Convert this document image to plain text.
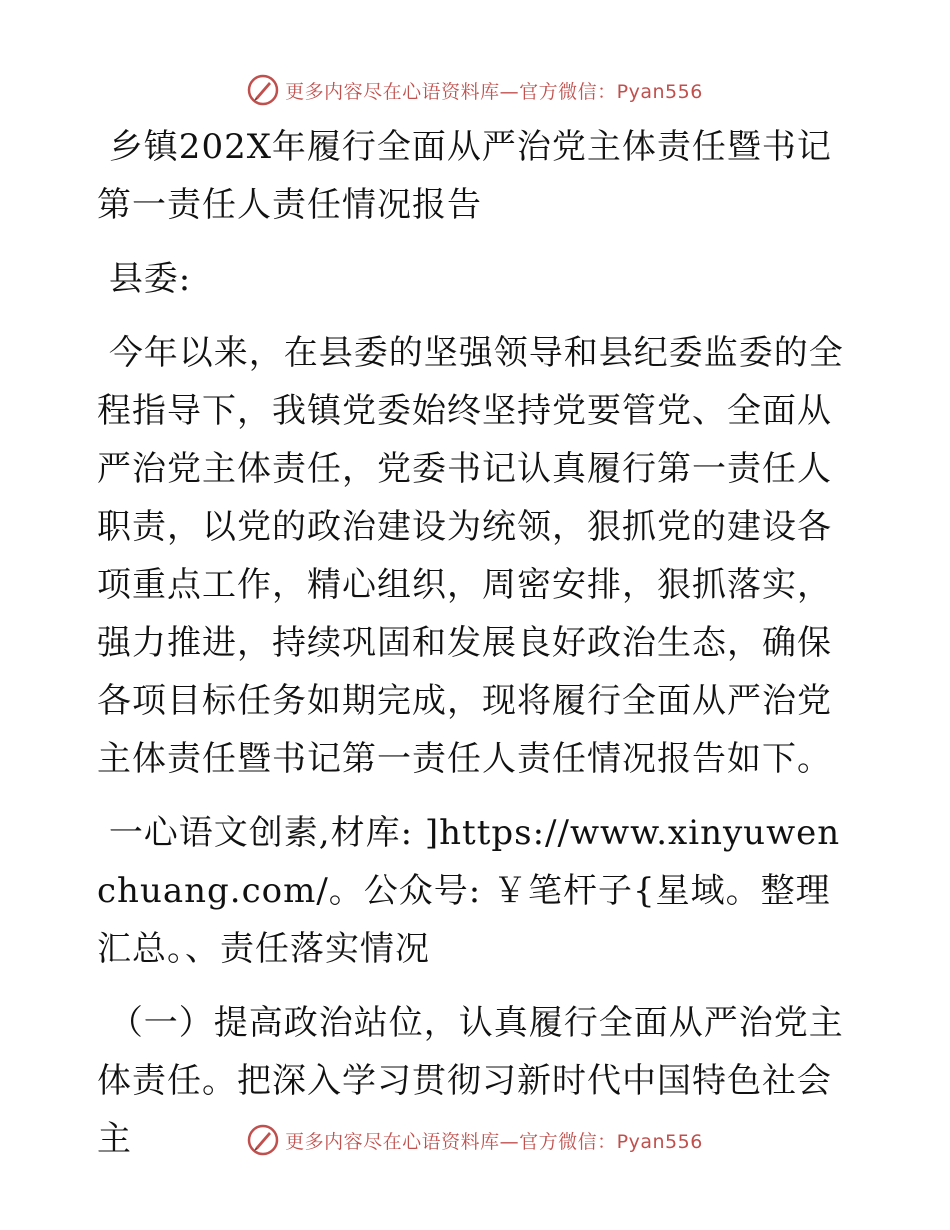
更多内容尽在心语资料库—官方微信：Pyan556

乡镇202X年履行全面从严治党主体责任暨书记第一责任人责任情况报告

县委:

今年以来，在县委的坚强领导和县纪委监委的全程指导下，我镇党委始终坚持党要管党、全面从严治党主体责任，党委书记认真履行第一责任人职责，以党的政治建设为统领，狠抓党的建设各项重点工作，精心组织，周密安排，狠抓落实，强力推进，持续巩固和发展良好政治生态，确保各项目标任务如期完成，现将履行全面从严治党主体责任暨书记第一责任人责任情况报告如下。

一心语文创素,材库: ]https://www.xinyuwenchuang.com/。公众号: ￥笔杆子{星域。整理汇总。、责任落实情况

（一）提高政治站位，认真履行全面从严治党主体责任。把深入学习贯彻习新时代中国特色社会主	更多内容尽在心语资料库—官方微信：Pyan556
